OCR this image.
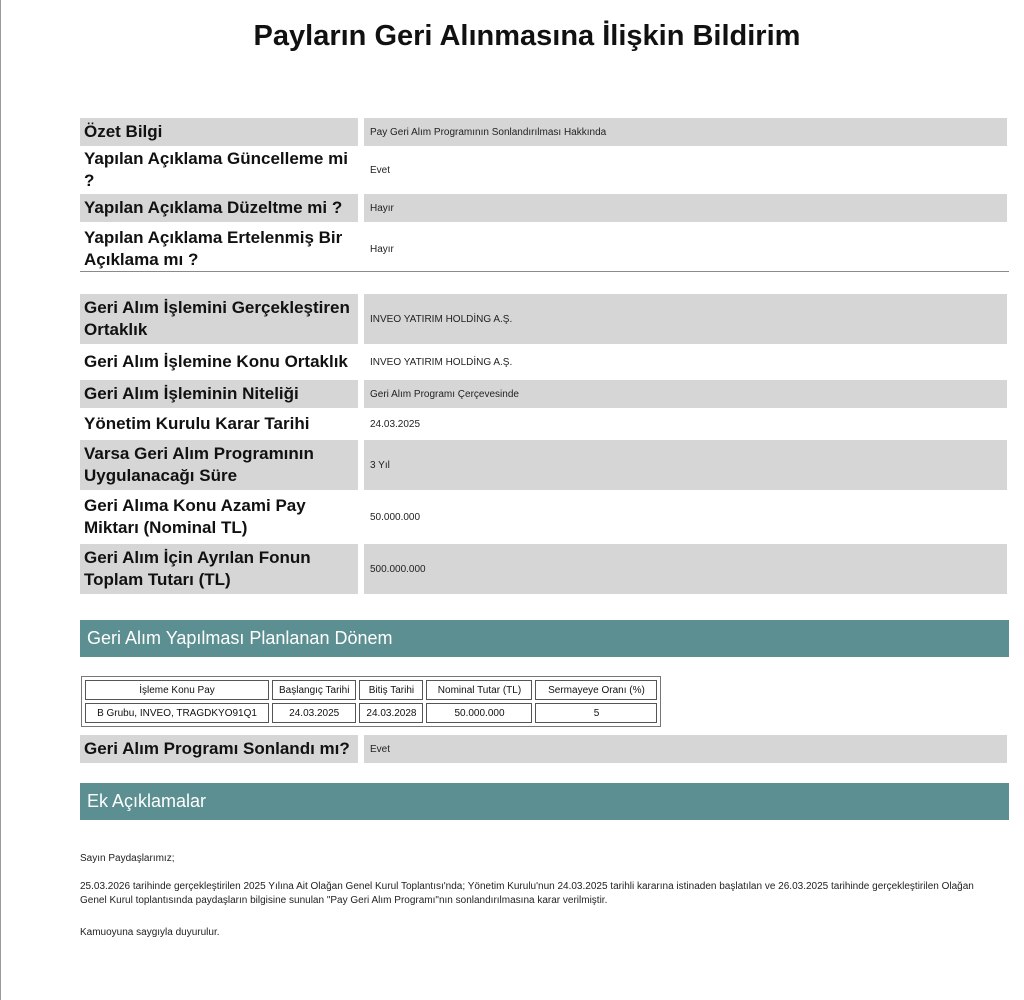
Payların Geri Alınmasına İlişkin Bildirim
Özet Bilgi		Pay Geri Alım Programının Sonlandırılması Hakkında
Yapılan Açıklama Güncelleme mi ?		Evet
Yapılan Açıklama Düzeltme mi ?		Hayır
Yapılan Açıklama Ertelenmiş Bir Açıklama mı ?		Hayır
Geri Alım İşlemini Gerçekleştiren Ortaklık		INVEO YATIRIM HOLDİNG A.Ş.
Geri Alım İşlemine Konu Ortaklık		INVEO YATIRIM HOLDİNG A.Ş.
Geri Alım İşleminin Niteliği		Geri Alım Programı Çerçevesinde
Yönetim Kurulu Karar Tarihi		24.03.2025
Varsa Geri Alım Programının Uygulanacağı Süre		3 Yıl
Geri Alıma Konu Azami Pay Miktarı (Nominal TL)		50.000.000
Geri Alım İçin Ayrılan Fonun Toplam Tutarı (TL)		500.000.000
Geri Alım Yapılması Planlanan Dönem
İşleme Konu Pay	Başlangıç Tarihi	Bitiş Tarihi	Nominal Tutar (TL)	Sermayeye Oranı (%)
B Grubu, INVEO, TRAGDKYO91Q1	24.03.2025	24.03.2028	50.000.000	5
Geri Alım Programı Sonlandı mı?		Evet
Ek Açıklamalar
Sayın Paydaşlarımız;
25.03.2026 tarihinde gerçekleştirilen 2025 Yılına Ait Olağan Genel Kurul Toplantısı'nda; Yönetim Kurulu'nun 24.03.2025 tarihli kararına istinaden başlatılan ve 26.03.2025 tarihinde gerçekleştirilen Olağan Genel Kurul toplantısında paydaşların bilgisine sunulan "Pay Geri Alım Programı"nın sonlandırılmasına karar verilmiştir.
Kamuoyuna saygıyla duyurulur.
